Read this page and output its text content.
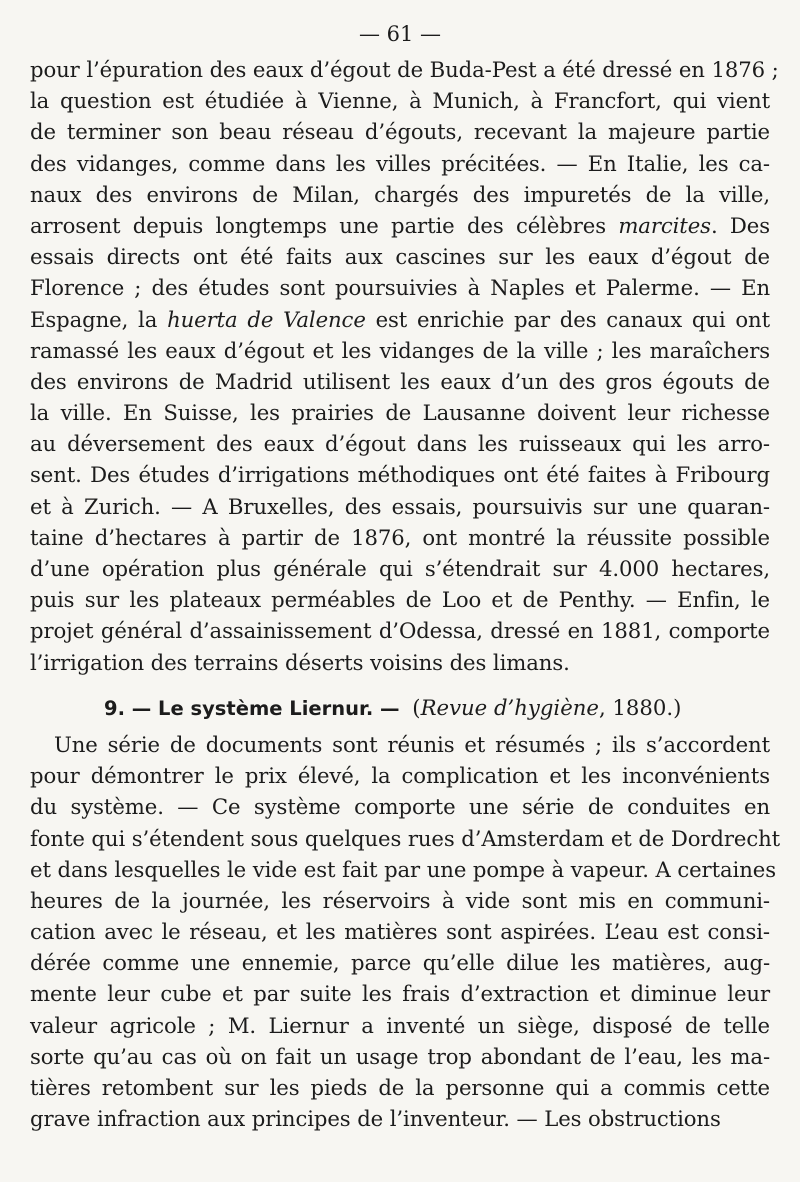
— 61 —
pour l’épuration des eaux d’égout de Buda-Pest a été dressé en 1876 ;
la question est étudiée à Vienne, à Munich, à Francfort, qui vient
de terminer son beau réseau d’égouts, recevant la majeure partie
des vidanges, comme dans les villes précitées. — En Italie, les ca-
naux des environs de Milan, chargés des impuretés de la ville,
arrosent depuis longtemps une partie des célèbres marcites. Des
essais directs ont été faits aux cascines sur les eaux d’égout de
Florence ; des études sont poursuivies à Naples et Palerme. — En
Espagne, la huerta de Valence est enrichie par des canaux qui ont
ramassé les eaux d’égout et les vidanges de la ville ; les maraîchers
des environs de Madrid utilisent les eaux d’un des gros égouts de
la ville. En Suisse, les prairies de Lausanne doivent leur richesse
au déversement des eaux d’égout dans les ruisseaux qui les arro-
sent. Des études d’irrigations méthodiques ont été faites à Fribourg
et à Zurich. — A Bruxelles, des essais, poursuivis sur une quaran-
taine d’hectares à partir de 1876, ont montré la réussite possible
d’une opération plus générale qui s’étendrait sur 4.000 hectares,
puis sur les plateaux perméables de Loo et de Penthy. — Enfin, le
projet général d’assainissement d’Odessa, dressé en 1881, comporte
l’irrigation des terrains déserts voisins des limans.
9. — Le système Liernur. — (Revue d’hygiène, 1880.)
Une série de documents sont réunis et résumés ; ils s’accordent
pour démontrer le prix élevé, la complication et les inconvénients
du système. — Ce système comporte une série de conduites en
fonte qui s’étendent sous quelques rues d’Amsterdam et de Dordrecht
et dans lesquelles le vide est fait par une pompe à vapeur. A certaines
heures de la journée, les réservoirs à vide sont mis en communi-
cation avec le réseau, et les matières sont aspirées. L’eau est consi-
dérée comme une ennemie, parce qu’elle dilue les matières, aug-
mente leur cube et par suite les frais d’extraction et diminue leur
valeur agricole ; M. Liernur a inventé un siège, disposé de telle
sorte qu’au cas où on fait un usage trop abondant de l’eau, les ma-
tières retombent sur les pieds de la personne qui a commis cette
grave infraction aux principes de l’inventeur. — Les obstructions
